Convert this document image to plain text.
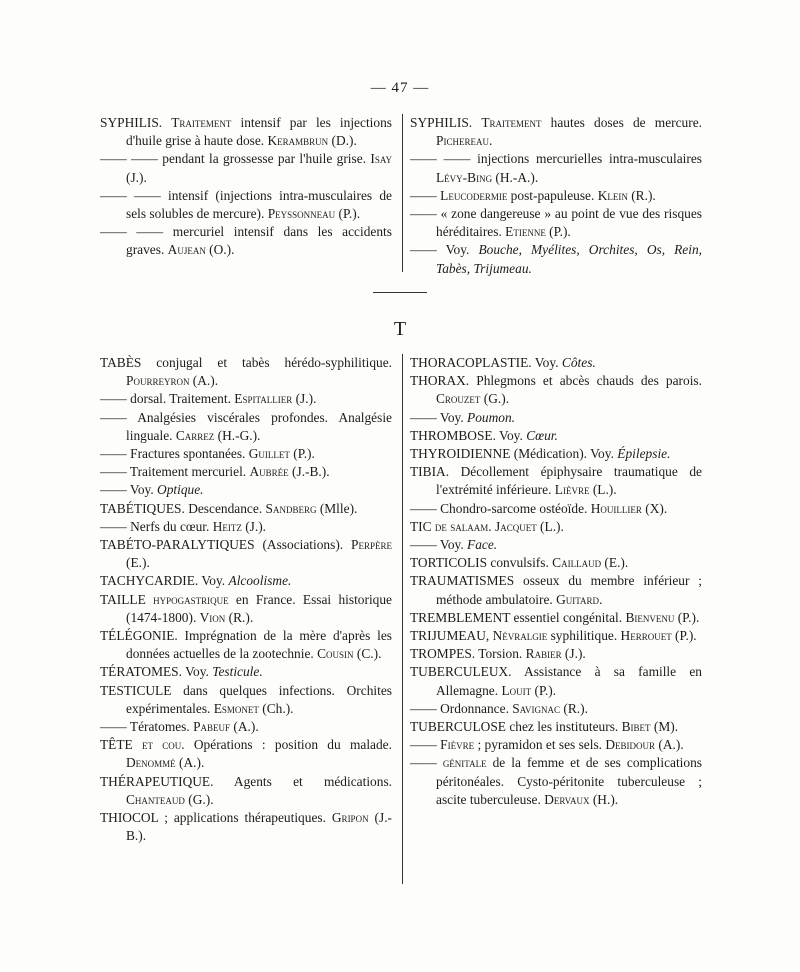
— 47 —

SYPHILIS. Traitement intensif par les injections d'huile grise à haute dose. Kerambrun (D.).

—— —— pendant la grossesse par l'huile grise. Isay (J.).

—— —— intensif (injections intra-musculaires de sels solubles de mercure). Peyssonneau (P.).

—— —— mercuriel intensif dans les accidents graves. Aujean (O.).

SYPHILIS. Traitement hautes doses de mercure. Pichereau.

—— —— injections mercurielles intra-musculaires Lévy-Bing (H.-A.).

—— Leucodermie post-papuleuse. Klein (R.).

—— « zone dangereuse » au point de vue des risques héréditaires. Etienne (P.).

—— Voy. Bouche, Myélites, Orchites, Os, Rein, Tabès, Trijumeau.

T

TABÈS conjugal et tabès hérédo-syphilitique. Pourreyron (A.).

—— dorsal. Traitement. Espitallier (J.).

—— Analgésies viscérales profondes. Analgésie linguale. Carrez (H.-G.).

—— Fractures spontanées. Guillet (P.).

—— Traitement mercuriel. Aubrée (J.-B.).

—— Voy. Optique.

TABÉTIQUES. Descendance. Sandberg (Mlle).

—— Nerfs du cœur. Heitz (J.).

TABÉTO-PARALYTIQUES (Associations). Perpère (E.).

TACHYCARDIE. Voy. Alcoolisme.

TAILLE hypogastrique en France. Essai historique (1474-1800). Vion (R.).

TÉLÉGONIE. Imprégnation de la mère d'après les données actuelles de la zootechnie. Cousin (C.).

TÉRATOMES. Voy. Testicule.

TESTICULE dans quelques infections. Orchites expérimentales. Esmonet (Ch.).

—— Tératomes. Pabeuf (A.).

TÊTE et cou. Opérations : position du malade. Denommé (A.).

THÉRAPEUTIQUE. Agents et médications. Chanteaud (G.).

THIOCOL ; applications thérapeutiques. Gripon (J.-B.).

THORACOPLASTIE. Voy. Côtes.

THORAX. Phlegmons et abcès chauds des parois. Crouzet (G.).

—— Voy. Poumon.

THROMBOSE. Voy. Cœur.

THYROIDIENNE (Médication). Voy. Épilepsie.

TIBIA. Décollement épiphysaire traumatique de l'extrémité inférieure. Lièvre (L.).

—— Chondro-sarcome ostéoïde. Houillier (X).

TIC de salaam. Jacquet (L.).

—— Voy. Face.

TORTICOLIS convulsifs. Caillaud (E.).

TRAUMATISMES osseux du membre inférieur ; méthode ambulatoire. Guitard.

TREMBLEMENT essentiel congénital. Bienvenu (P.).

TRIJUMEAU, Névralgie syphilitique. Herrouet (P.).

TROMPES. Torsion. Rabier (J.).

TUBERCULEUX. Assistance à sa famille en Allemagne. Louit (P.).

—— Ordonnance. Savignac (R.).

TUBERCULOSE chez les instituteurs. Bibet (M).

—— Fièvre ; pyramidon et ses sels. Debidour (A.).

—— génitale de la femme et de ses complications péritonéales. Cysto-péritonite tuberculeuse ; ascite tuberculeuse. Dervaux (H.).
